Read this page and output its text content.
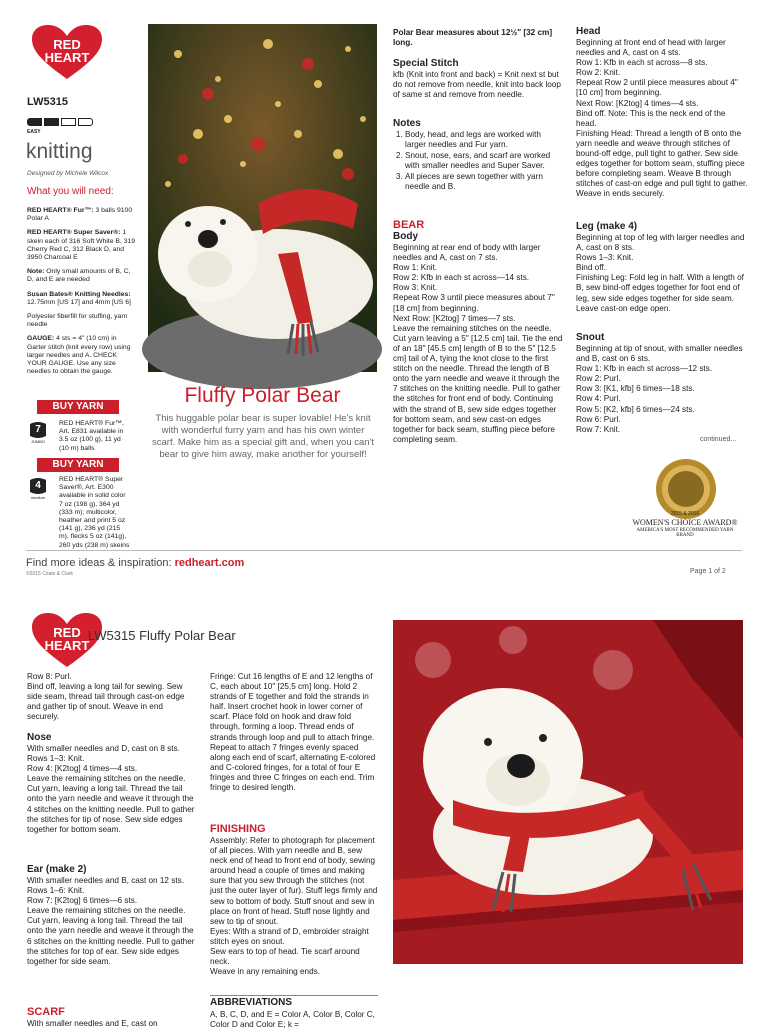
RED
HEART
LW5315
EASY
knitting
Designed by Michele Wilcox
What you will need:
RED HEART® Fur™: 3 balls 9100 Polar A
RED HEART® Super Saver®: 1 skein each of 316 Soft White B, 319 Cherry Red C, 312 Black D, and 3950 Charcoal E
Note: Only small amounts of B, C, D, and E are needed
Susan Bates® Knitting Needles: 12.75mm [US 17] and 4mm [US 6]
Polyester fiberfill for stuffing, yarn needle
GAUGE: 4 sts = 4" (10 cm) in Garter stitch (knit every row) using larger needles and A. CHECK YOUR GAUGE. Use any size needles to obtain the gauge.
BUY YARN
7
JUMBO
RED HEART® Fur™, Art. E831 available in 3.5 oz (100 g), 11 yd (10 m) balls
BUY YARN
4
medium
RED HEART® Super Saver®, Art. E300 available in solid color 7 oz (198 g), 364 yd (333 m); multicolor, heather and print 5 oz (141 g), 236 yd (215 m), flecks 5 oz (141g), 260 yds (238 m) skeins
Fluffy Polar Bear
This huggable polar bear is super lovable! He's knit with wonderful furry yarn and has his own winter scarf. Make him as a special gift and, when you can't bear to give him away, make another for yourself!
Polar Bear measures about 12½" [32 cm] long.
Special Stitch
kfb (Knit into front and back) = Knit next st but do not remove from needle, knit into back loop of same st and remove from needle.
Notes
1. Body, head, and legs are worked with larger needles and Fur yarn.
2. Snout, nose, ears, and scarf are worked with smaller needles and Super Saver.
3. All pieces are sewn together with yarn needle and B.
BEAR
Body
Beginning at rear end of body with larger needles and A, cast on 7 sts.
Row 1: Knit.
Row 2: Kfb in each st across—14 sts.
Row 3: Knit.
Repeat Row 3 until piece measures about 7" [18 cm] from beginning.
Next Row: [K2tog] 7 times—7 sts.
Leave the remaining stitches on the needle. Cut yarn leaving a 5" [12.5 cm] tail. Tie the end of an 18" [45.5 cm] length of B to the 5" [12.5 cm] tail of A, tying the knot close to the first stitch on the needle. Thread the length of B onto the yarn needle and weave it through the 7 stitches on the knitting needle. Pull to gather the stitches for front end of body. Continuing with the strand of B, sew side edges together for bottom seam, and sew cast-on edges together for back seam, stuffing piece before completing seam.
Head
Beginning at front end of head with larger needles and A, cast on 4 sts.
Row 1: Kfb in each st across—8 sts.
Row 2: Knit.
Repeat Row 2 until piece measures about 4" [10 cm] from beginning.
Next Row: [K2tog] 4 times—4 sts.
Bind off. Note: This is the neck end of the head.
Finishing Head: Thread a length of B onto the yarn needle and weave through stitches of bound-off edge, pull tight to gather. Sew side edges together for bottom seam, stuffing piece before completing seam. Weave B through stitches of cast-on edge and pull tight to gather. Weave in ends securely.
Leg (make 4)
Beginning at top of leg with larger needles and A, cast on 8 sts.
Rows 1–3: Knit.
Bind off.
Finishing Leg: Fold leg in half. With a length of B, sew bind-off edges together for foot end of leg, sew side edges together for side seam. Leave cast-on edge open.
Snout
Beginning at tip of snout, with smaller needles and B, cast on 6 sts.
Row 1: Kfb in each st across—12 sts.
Row 2: Purl.
Row 3: [K1, kfb] 6 times—18 sts.
Row 4: Purl.
Row 5: [K2, kfb] 6 times—24 sts.
Row 6: Purl.
Row 7: Knit.
continued...
2015 & 2016
WOMEN'S CHOICE AWARD®
AMERICA'S MOST RECOMMENDED YARN BRAND
Find more ideas & inspiration: redheart.com
©2015 Coats & Clark	Page 1 of 2
RED
HEART
LW5315 Fluffy Polar Bear
Row 8: Purl.
Bind off, leaving a long tail for sewing. Sew side seam, thread tail through cast-on edge and gather tip of snout. Weave in end securely.
Nose
With smaller needles and D, cast on 8 sts.
Rows 1–3: Knit.
Row 4: [K2tog] 4 times—4 sts.
Leave the remaining stitches on the needle. Cut yarn, leaving a long tail. Thread the tail onto the yarn needle and weave it through the 4 stitches on the knitting needle. Pull to gather the stitches for tip of nose. Sew side edges together for bottom seam.
Ear (make 2)
With smaller needles and B, cast on 12 sts.
Rows 1–6: Knit.
Row 7: [K2tog] 6 times—6 sts.
Leave the remaining stitches on the needle. Cut yarn, leaving a long tail. Thread the tail onto the yarn needle and weave it through the 6 stitches on the knitting needle. Pull to gather the stitches for top of ear. Sew side edges together for side seam.
SCARF
With smaller needles and E, cast on
Fringe: Cut 16 lengths of E and 12 lengths of C, each about 10" [25.5 cm] long. Hold 2 strands of E together and fold the strands in half. Insert crochet hook in lower corner of scarf. Place fold on hook and draw fold through, forming a loop. Thread ends of strands through loop and pull to attach fringe. Repeat to attach 7 fringes evenly spaced along each end of scarf, alternating E-colored and C-colored fringes, for a total of four E fringes and three C fringes on each end. Trim fringe to desired length.
FINISHING
Assembly: Refer to photograph for placement of all pieces. With yarn needle and B, sew neck end of head to front end of body, sewing around head a couple of times and making sure that you sew through the stitches (not just the outer layer of fur). Stuff legs firmly and sew to bottom of body. Stuff snout and sew in place on front of head. Stuff nose lightly and sew to tip of snout.
Eyes: With a strand of D, embroider straight stitch eyes on snout.
Sew ears to top of head. Tie scarf around neck.
Weave in any remaining ends.
ABBREVIATIONS
A, B, C, D, and E = Color A, Color B, Color C, Color D and Color E; k =
